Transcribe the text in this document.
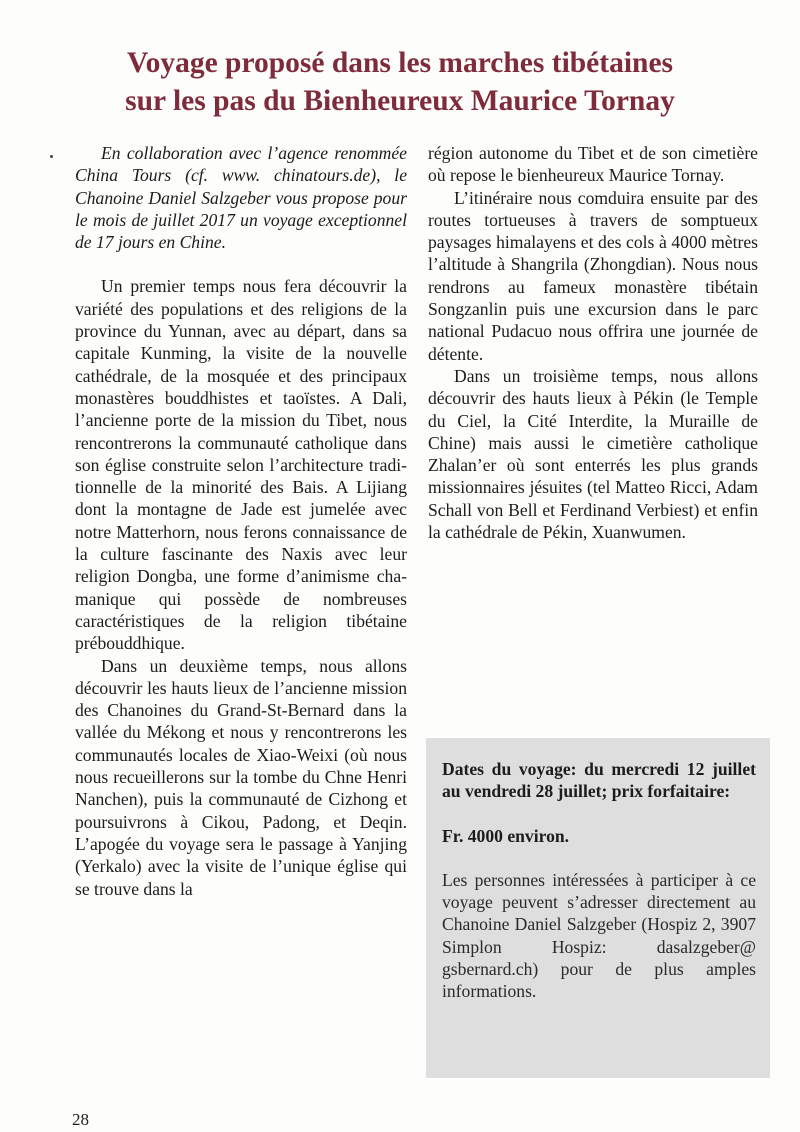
Voyage proposé dans les marches tibétaines
sur les pas du Bienheureux Maurice Tornay

En collaboration avec l’agence renommée China Tours (cf. www. chinatours.de), le Chanoine Daniel Salzgeber vous propose pour le mois de juillet 2017 un voyage exceptionnel de 17 jours en Chine.

Un premier temps nous fera découvrir la variété des populations et des religions de la province du Yunnan, avec au départ, dans sa capitale Kunming, la visite de la nouvelle cathédrale, de la mosquée et des principaux monastères bouddhistes et taoïstes. A Dali, l’ancienne porte de la mission du Tibet, nous rencontrerons la communauté catholique dans son église construite selon l’architecture traditionnelle de la minorité des Bais. A Lijiang dont la montagne de Jade est jumelée avec notre Matterhorn, nous ferons connaissance de la culture fascinante des Naxis avec leur religion Dongba, une forme d’animisme chamanique qui possède de nombreuses caractéristiques de la religion tibétaine prébouddhique.

Dans un deuxième temps, nous allons découvrir les hauts lieux de l’ancienne mission des Chanoines du Grand-St-Bernard dans la vallée du Mékong et nous y rencontrerons les communautés locales de Xiao-Weixi (où nous nous recueillerons sur la tombe du Chne Henri Nanchen), puis la communauté de Cizhong et poursuivrons à Cikou, Padong, et Deqin. L’apogée du voyage sera le passage à Yanjing (Yerkalo) avec la visite de l’unique église qui se trouve dans la

région autonome du Tibet et de son cimetière où repose le bienheureux Maurice Tornay.

L’itinéraire nous comduira ensuite par des routes tortueuses à travers de somptueux paysages himalayens et des cols à 4000 mètres l’altitude à Shangrila (Zhongdian). Nous nous rendrons au fameux monastère tibétain Songzanlin puis une excursion dans le parc national Pudacuo nous offrira une journée de détente.

Dans un troisième temps, nous allons découvrir des hauts lieux à Pékin (le Temple du Ciel, la Cité Interdite, la Muraille de Chine) mais aussi le cimetière catholique Zhalan’er où sont enterrés les plus grands missionnaires jésuites (tel Matteo Ricci, Adam Schall von Bell et Ferdinand Verbiest) et enfin la cathédrale de Pékin, Xuanwumen.

Dates du voyage: du mercredi 12 juillet au vendredi 28 juillet; prix forfaitaire:

Fr. 4000 environ.

Les personnes intéressées à participer à ce voyage peuvent s’adresser directement au Chanoine Daniel Salzgeber (Hospiz 2, 3907 Simplon Hospiz: dasalzgeber@ gsbernard.ch) pour de plus amples informations.

28
